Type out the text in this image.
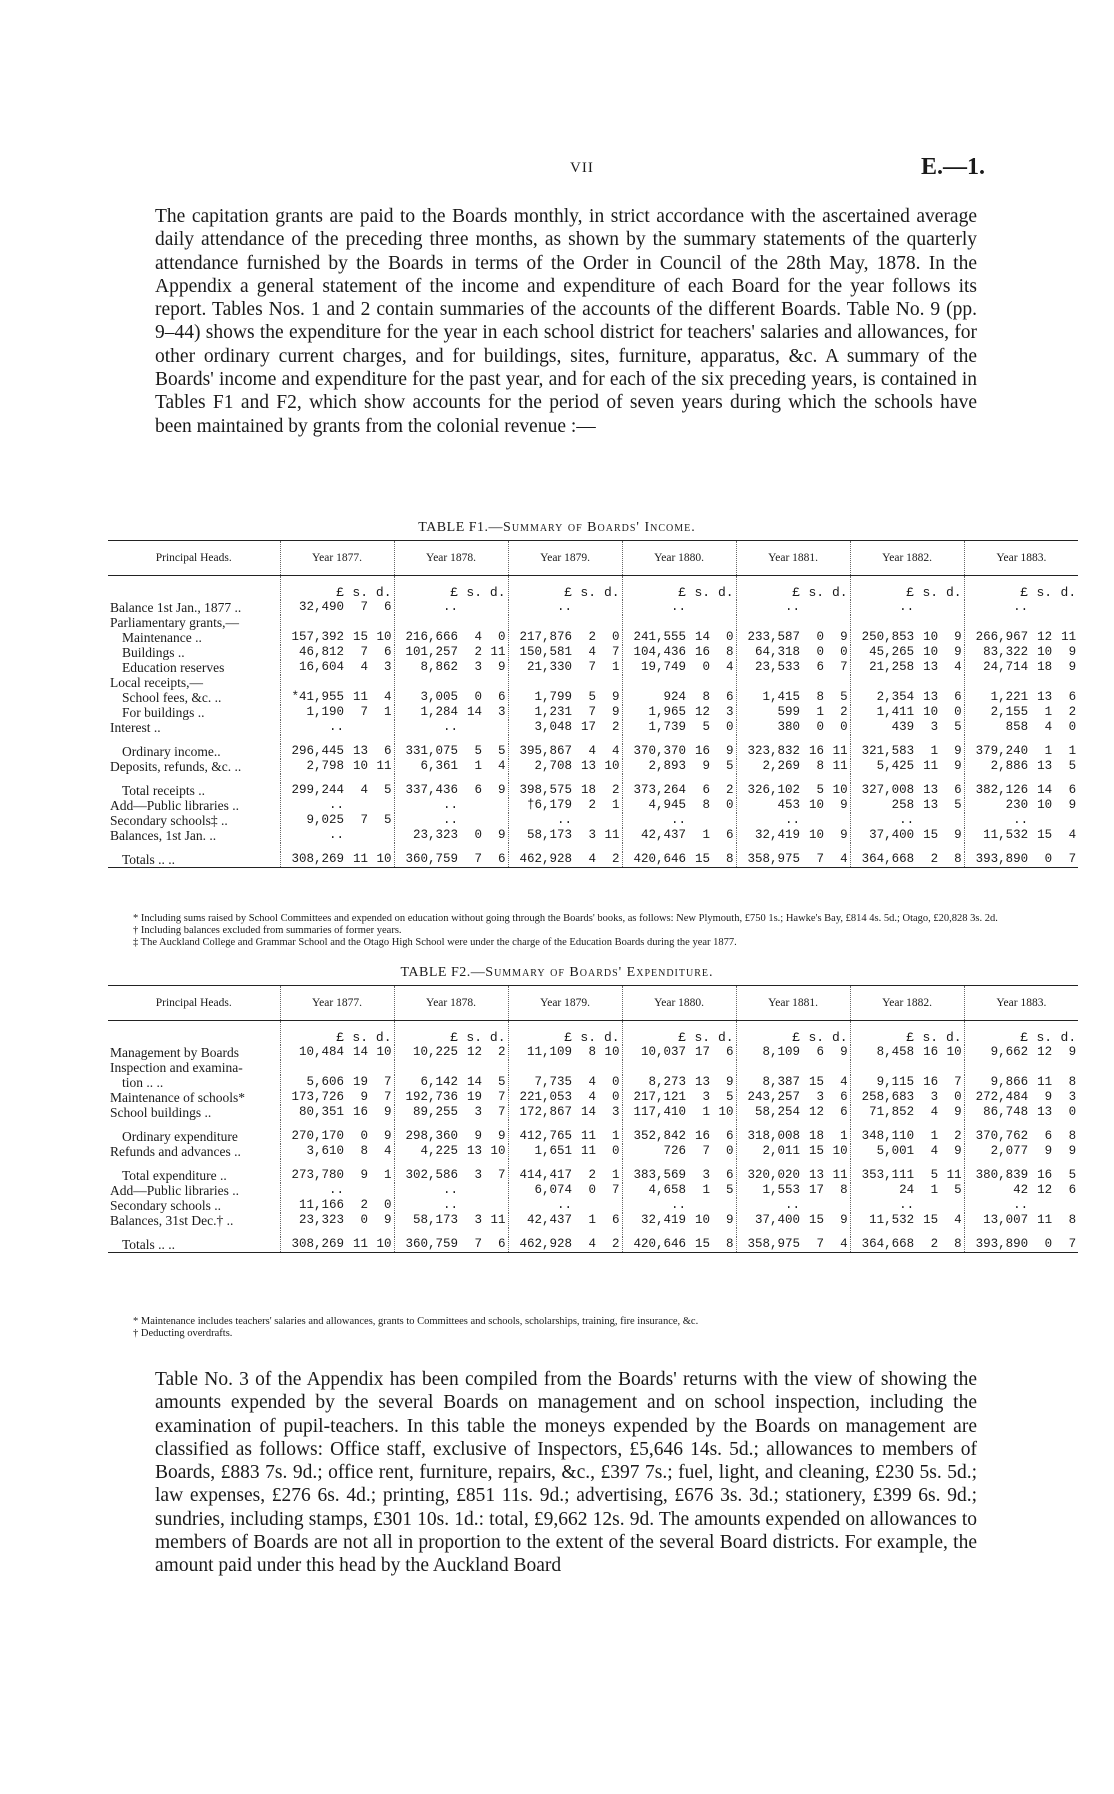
VII	E.—1.
The capitation grants are paid to the Boards monthly, in strict accordance with the ascertained average daily attendance of the preceding three months, as shown by the summary statements of the quarterly attendance furnished by the Boards in terms of the Order in Council of the 28th May, 1878. In the Appendix a general statement of the income and expenditure of each Board for the year follows its report. Tables Nos. 1 and 2 contain summaries of the accounts of the different Boards. Table No. 9 (pp. 9–44) shows the expenditure for the year in each school district for teachers' salaries and allowances, for other ordinary current charges, and for buildings, sites, furniture, apparatus, &c. A summary of the Boards' income and expenditure for the past year, and for each of the six preceding years, is contained in Tables F1 and F2, which show accounts for the period of seven years during which the schools have been maintained by grants from the colonial revenue :—
TABLE F1.—Summary of Boards' Income.
Principal Heads.	Year 1877.			Year 1878.			Year 1879.			Year 1880.			Year 1881.			Year 1882.			Year 1883.		
	£	s.	d.	£	s.	d.	£	s.	d.	£	s.	d.	£	s.	d.	£	s.	d.	£	s.	d.
Balance 1st Jan., 1877 ..	32,490	7	6	..			..			..			..			..			..		
Parliamentary grants,—																					
Maintenance ..	157,392	15	10	216,666	4	0	217,876	2	0	241,555	14	0	233,587	0	9	250,853	10	9	266,967	12	11
Buildings ..	46,812	7	6	101,257	2	11	150,581	4	7	104,436	16	8	64,318	0	0	45,265	10	9	83,322	10	9
Education reserves	16,604	4	3	8,862	3	9	21,330	7	1	19,749	0	4	23,533	6	7	21,258	13	4	24,714	18	9
Local receipts,—																					
School fees, &c. ..	*41,955	11	4	3,005	0	6	1,799	5	9	924	8	6	1,415	8	5	2,354	13	6	1,221	13	6
For buildings ..	1,190	7	1	1,284	14	3	1,231	7	9	1,965	12	3	599	1	2	1,411	10	0	2,155	1	2
Interest ..	..			..			3,048	17	2	1,739	5	0	380	0	0	439	3	5	858	4	0

Ordinary income..	296,445	13	6	331,075	5	5	395,867	4	4	370,370	16	9	323,832	16	11	321,583	1	9	379,240	1	1
Deposits, refunds, &c. ..	2,798	10	11	6,361	1	4	2,708	13	10	2,893	9	5	2,269	8	11	5,425	11	9	2,886	13	5

Total receipts ..	299,244	4	5	337,436	6	9	398,575	18	2	373,264	6	2	326,102	5	10	327,008	13	6	382,126	14	6
Add—Public libraries ..	..			..			†6,179	2	1	4,945	8	0	453	10	9	258	13	5	230	10	9
Secondary schools‡ ..	9,025	7	5	..			..			..			..			..			..		
Balances, 1st Jan. ..	..			23,323	0	9	58,173	3	11	42,437	1	6	32,419	10	9	37,400	15	9	11,532	15	4

Totals .. ..	308,269	11	10	360,759	7	6	462,928	4	2	420,646	15	8	358,975	7	4	364,668	2	8	393,890	0	7
* Including sums raised by School Committees and expended on education without going through the Boards' books, as follows: New Plymouth, £750 1s.; Hawke's Bay, £814 4s. 5d.; Otago, £20,828 3s. 2d.
† Including balances excluded from summaries of former years.
‡ The Auckland College and Grammar School and the Otago High School were under the charge of the Education Boards during the year 1877.
TABLE F2.—Summary of Boards' Expenditure.
Principal Heads.	Year 1877.			Year 1878.			Year 1879.			Year 1880.			Year 1881.			Year 1882.			Year 1883.		
	£	s.	d.	£	s.	d.	£	s.	d.	£	s.	d.	£	s.	d.	£	s.	d.	£	s.	d.
Management by Boards	10,484	14	10	10,225	12	2	11,109	8	10	10,037	17	6	8,109	6	9	8,458	16	10	9,662	12	9
Inspection and examina-																					
tion .. ..	5,606	19	7	6,142	14	5	7,735	4	0	8,273	13	9	8,387	15	4	9,115	16	7	9,866	11	8
Maintenance of schools*	173,726	9	7	192,736	19	7	221,053	4	0	217,121	3	5	243,257	3	6	258,683	3	0	272,484	9	3
School buildings ..	80,351	16	9	89,255	3	7	172,867	14	3	117,410	1	10	58,254	12	6	71,852	4	9	86,748	13	0

Ordinary expenditure	270,170	0	9	298,360	9	9	412,765	11	1	352,842	16	6	318,008	18	1	348,110	1	2	370,762	6	8
Refunds and advances ..	3,610	8	4	4,225	13	10	1,651	11	0	726	7	0	2,011	15	10	5,001	4	9	2,077	9	9

Total expenditure ..	273,780	9	1	302,586	3	7	414,417	2	1	383,569	3	6	320,020	13	11	353,111	5	11	380,839	16	5
Add—Public libraries ..	..			..			6,074	0	7	4,658	1	5	1,553	17	8	24	1	5	42	12	6
Secondary schools ..	11,166	2	0	..			..			..			..			..			..		
Balances, 31st Dec.† ..	23,323	0	9	58,173	3	11	42,437	1	6	32,419	10	9	37,400	15	9	11,532	15	4	13,007	11	8

Totals .. ..	308,269	11	10	360,759	7	6	462,928	4	2	420,646	15	8	358,975	7	4	364,668	2	8	393,890	0	7
* Maintenance includes teachers' salaries and allowances, grants to Committees and schools, scholarships, training, fire insurance, &c.
† Deducting overdrafts.
Table No. 3 of the Appendix has been compiled from the Boards' returns with the view of showing the amounts expended by the several Boards on management and on school inspection, including the examination of pupil-teachers. In this table the moneys expended by the Boards on management are classified as follows: Office staff, exclusive of Inspectors, £5,646 14s. 5d.; allowances to members of Boards, £883 7s. 9d.; office rent, furniture, repairs, &c., £397 7s.; fuel, light, and cleaning, £230 5s. 5d.; law expenses, £276 6s. 4d.; printing, £851 11s. 9d.; advertising, £676 3s. 3d.; stationery, £399 6s. 9d.; sundries, including stamps, £301 10s. 1d.: total, £9,662 12s. 9d. The amounts expended on allowances to members of Boards are not all in proportion to the extent of the several Board districts. For example, the amount paid under this head by the Auckland Board
